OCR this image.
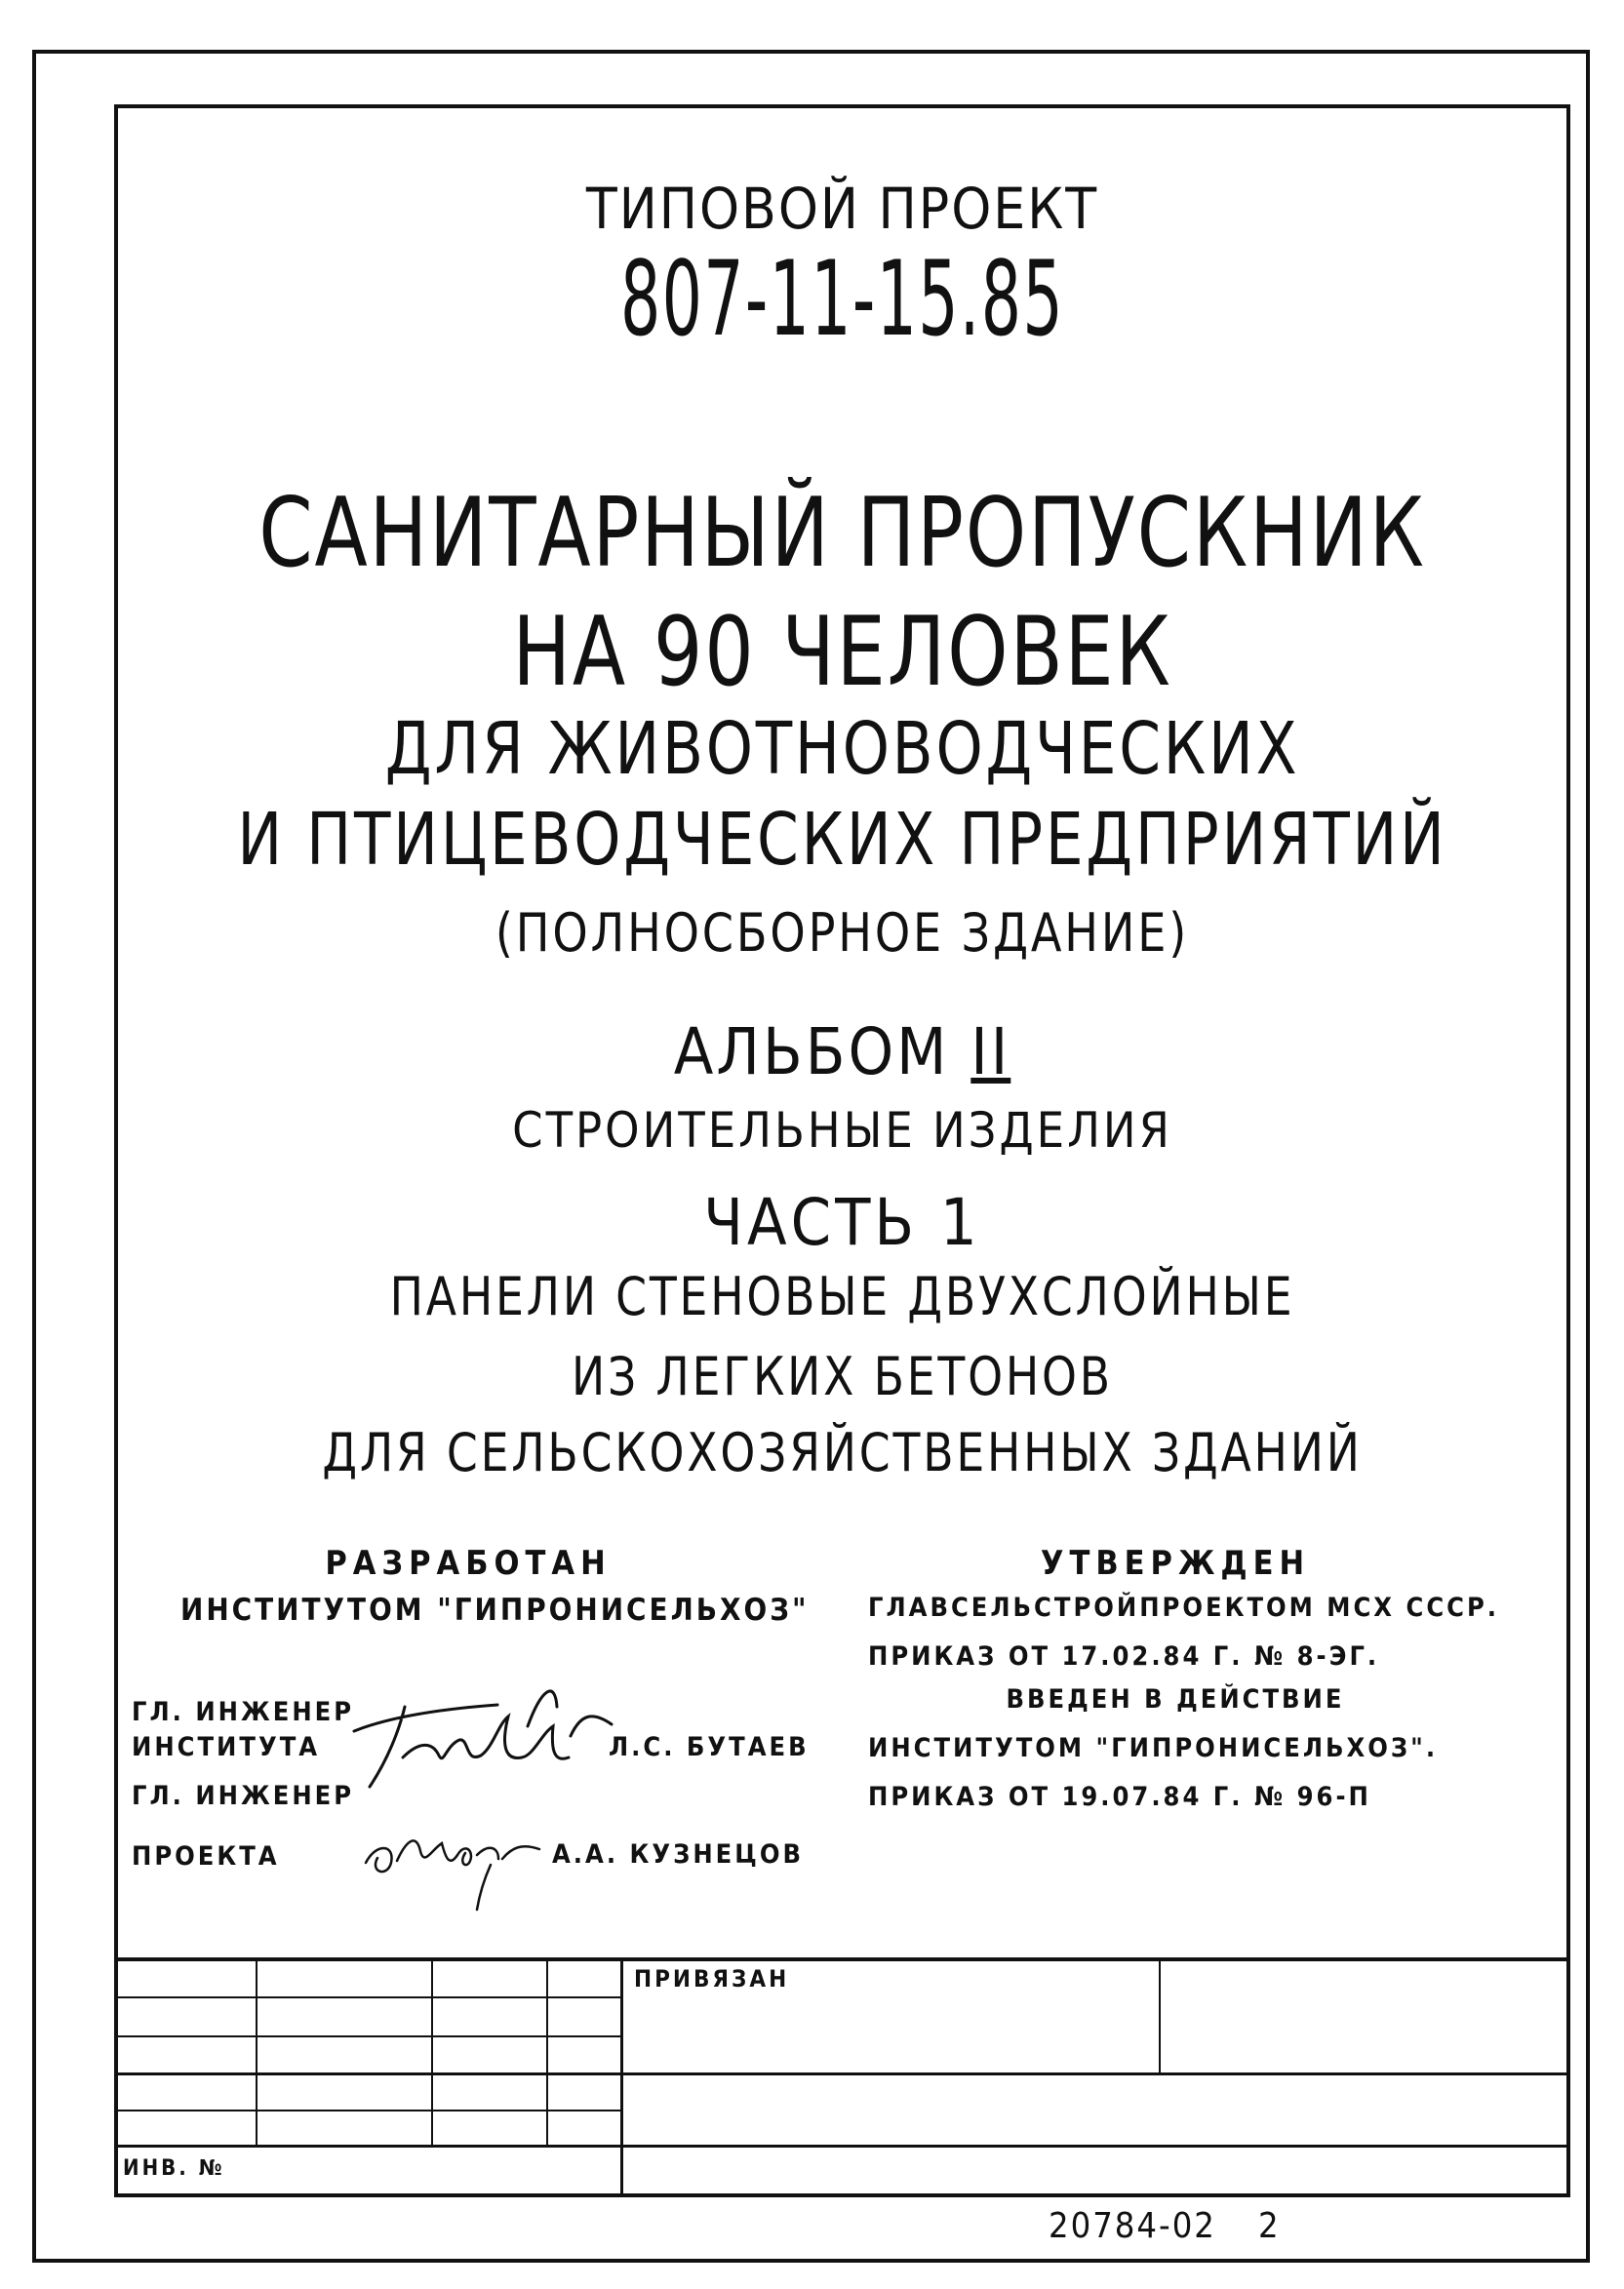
ТИПОВОЙ ПРОЕКТ
807-11-15.85
САНИТАРНЫЙ ПРОПУСКНИК
НА 90 ЧЕЛОВЕК
ДЛЯ ЖИВОТНОВОДЧЕСКИХ
И ПТИЦЕВОДЧЕСКИХ ПРЕДПРИЯТИЙ
(ПОЛНОСБОРНОЕ ЗДАНИЕ)
АЛЬБОМ II
СТРОИТЕЛЬНЫЕ ИЗДЕЛИЯ
ЧАСТЬ 1
ПАНЕЛИ СТЕНОВЫЕ ДВУХСЛОЙНЫЕ
ИЗ ЛЕГКИХ БЕТОНОВ
ДЛЯ СЕЛЬСКОХОЗЯЙСТВЕННЫХ ЗДАНИЙ
РАЗРАБОТАН
ИНСТИТУТОМ "ГИПРОНИСЕЛЬХОЗ"
ГЛ. ИНЖЕНЕР
ИНСТИТУТА	Л.С. БУТАЕВ
ГЛ. ИНЖЕНЕР
ПРОЕКТА	А.А. КУЗНЕЦОВ
УТВЕРЖДЕН
ГЛАВСЕЛЬСТРОЙПРОЕКТОМ МСХ СССР.
ПРИКАЗ ОТ 17.02.84 Г. № 8-ЭГ.
ВВЕДЕН В ДЕЙСТВИЕ
ИНСТИТУТОМ "ГИПРОНИСЕЛЬХОЗ".
ПРИКАЗ ОТ 19.07.84 Г. № 96-П
ПРИВЯЗАН
ИНВ. №
20784-02 2
